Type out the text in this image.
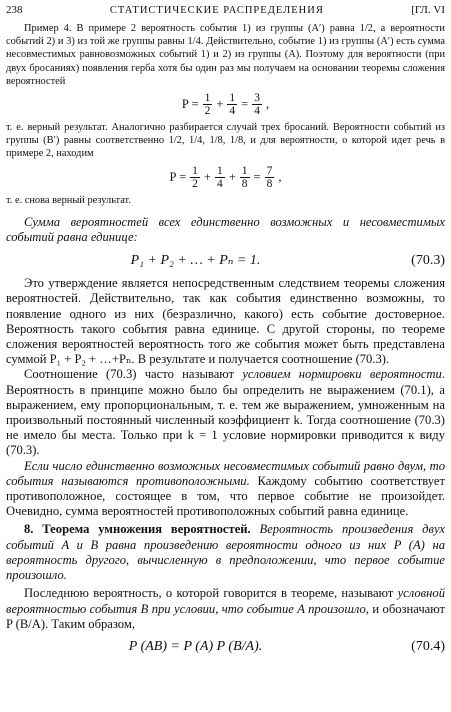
238	СТАТИСТИЧЕСКИЕ РАСПРЕДЕЛЕНИЯ	[ГЛ. VI

Пример 4. В примере 2 вероятность события 1) из группы (A′) равна 1/2, а вероятности событий 2) и 3) из той же группы равны 1/4. Действительно, событие 1) из группы (A′) есть сумма несовместимых равновозможных событий 1) и 2) из группы (A). Поэтому для вероятности (при двух бросаниях) появления герба хотя бы один раз мы получаем на основании теоремы сложения вероятностей

$P = \frac{1}{2} + \frac{1}{4} = \frac{3}{4}$ ,

т. е. верный результат. Аналогично разбирается случай трех бросаний. Вероятности событий из группы (B′) равны соответственно 1/2, 1/4, 1/8, 1/8, и для вероятности, о которой идет речь в примере 2, находим

$P = \frac{1}{2} + \frac{1}{4} + \frac{1}{8} = \frac{7}{8}$ ,

т. е. снова верный результат.

Сумма вероятностей всех единственно возможных и несовместимых событий равна единице:

P₁ + P₂ + … + Pₙ = 1.	(70.3)

Это утверждение является непосредственным следствием теоремы сложения вероятностей. Действительно, так как события единственно возможны, то появление одного из них (безразлично, какого) есть событие достоверное. Вероятность такого события равна единице. С другой стороны, по теореме сложения вероятностей вероятность того же события может быть представлена суммой P₁ + P₂ + …+Pₙ. В результате и получается соотношение (70.3).

Соотношение (70.3) часто называют условием нормировки вероятности. Вероятность в принципе можно было бы определить не выражением (70.1), а выражением, ему пропорциональным, т. е. тем же выражением, умноженным на произвольный постоянный численный коэффициент k. Тогда соотношение (70.3) не имело бы места. Только при k = 1 условие нормировки приводится к виду (70.3).

Если число единственно возможных несовместимых событий равно двум, то события называются противоположными. Каждому событию соответствует противоположное, состоящее в том, что первое событие не произойдет. Очевидно, сумма вероятностей противоположных событий равна единице.

8. Теорема умножения вероятностей. Вероятность произведения двух событий A и B равна произведению вероятности одного из них P (A) на вероятность другого, вычисленную в предположении, что первое событие произошло.

Последнюю вероятность, о которой говорится в теореме, называют условной вероятностью события B при условии, что событие A произошло, и обозначают P (B/A). Таким образом,

P (AB) = P (A) P (B/A).	(70.4)
